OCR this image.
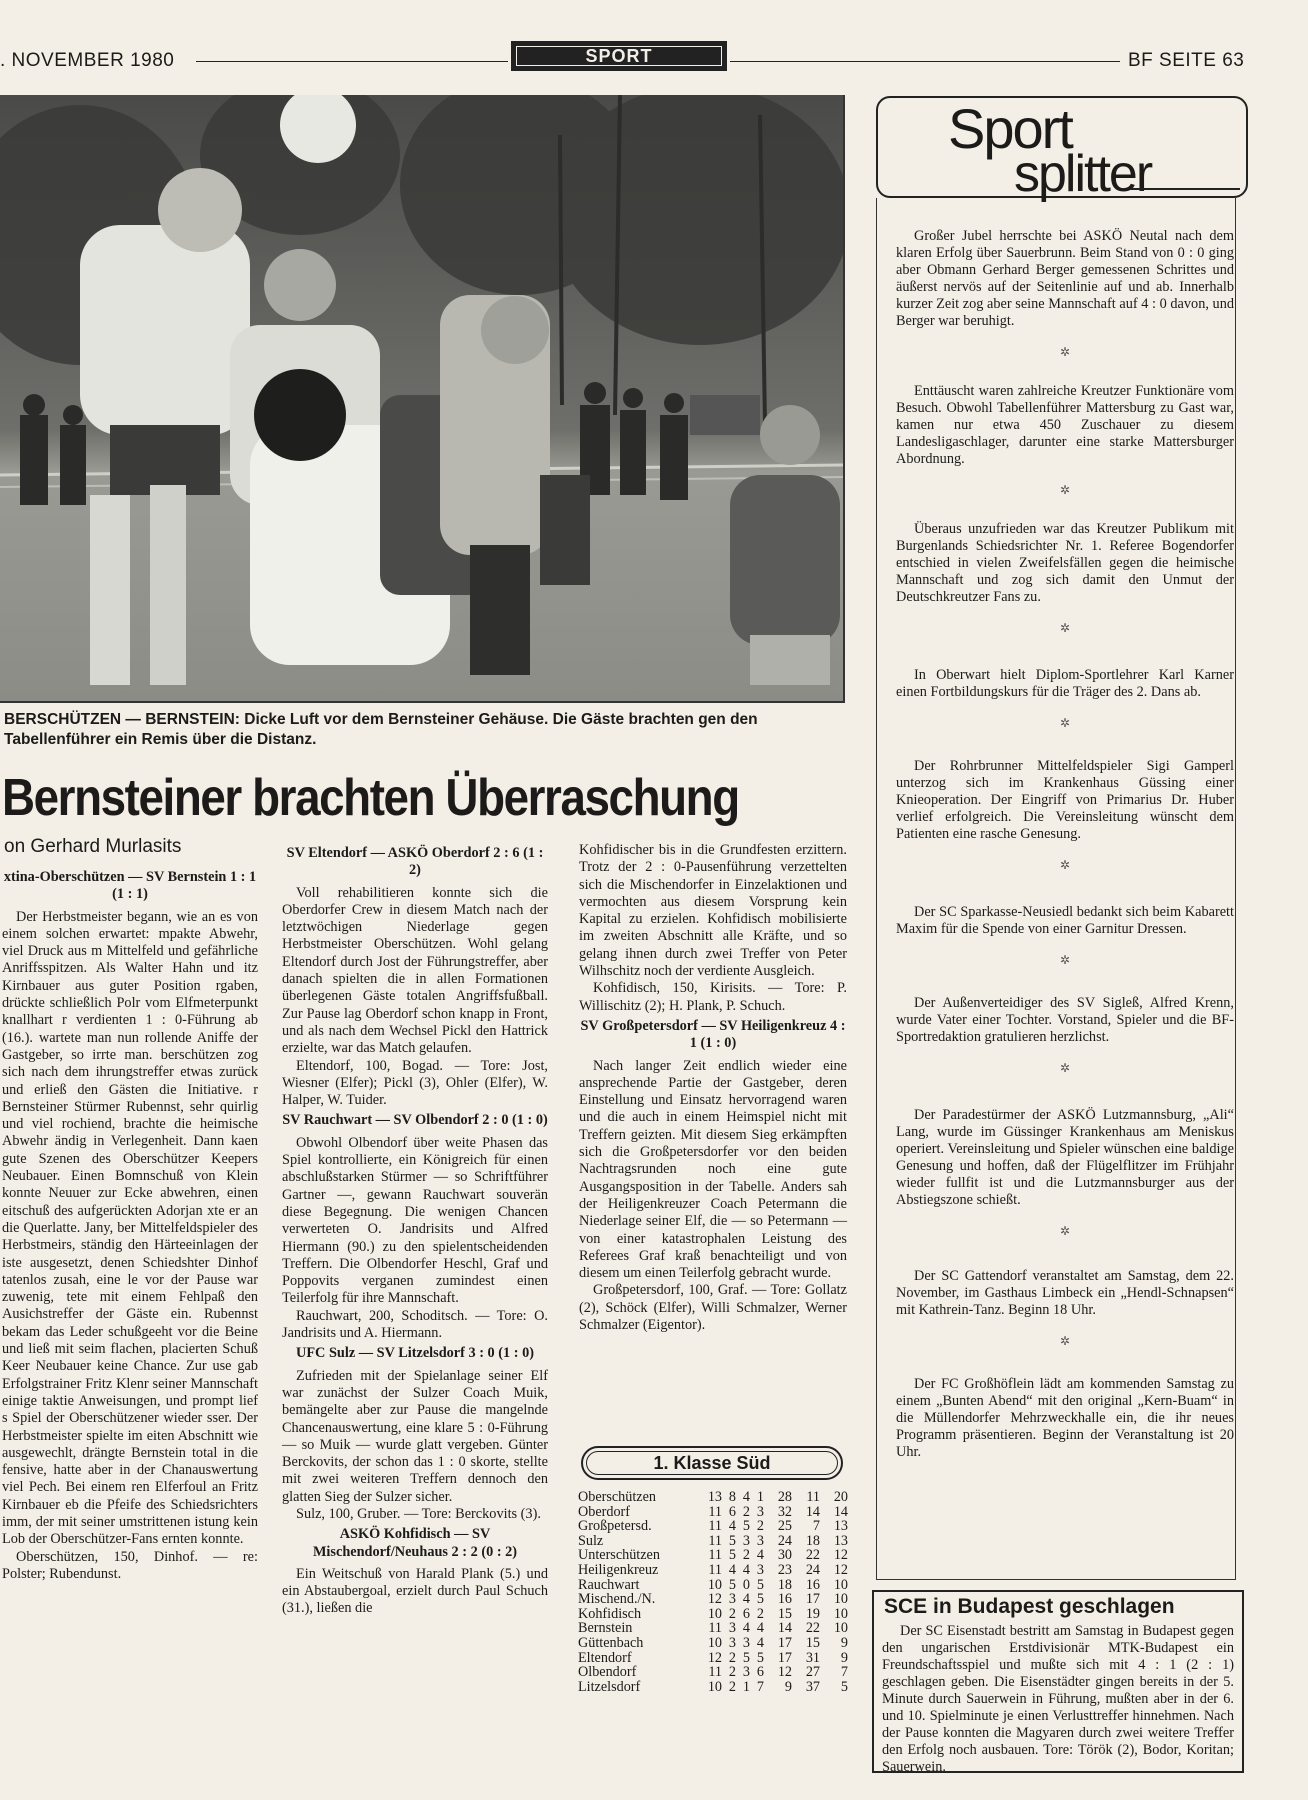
. NOVEMBER 1980	SPORT	BF SEITE 63
BERSCHÜTZEN — BERNSTEIN: Dicke Luft vor dem Bernsteiner Gehäuse. Die Gäste brachten gen den Tabellenführer ein Remis über die Distanz.
Bernsteiner brachten Überraschung
on Gerhard Murlasits
xtina-Oberschützen — SV Bernstein 1 : 1 (1 : 1)

Der Herbstmeister begann, wie an es von einem solchen erwartet: mpakte Abwehr, viel Druck aus m Mittelfeld und gefährliche Anriffsspitzen. Als Walter Hahn und itz Kirnbauer aus guter Position rgaben, drückte schließlich Polr vom Elfmeterpunkt knallhart r verdienten 1 : 0-Führung ab (16.). wartete man nun rollende Aniffe der Gastgeber, so irrte man. berschützen zog sich nach dem ihrungstreffer etwas zurück und erließ den Gästen die Initiative. r Bernsteiner Stürmer Rubennst, sehr quirlig und viel rochiend, brachte die heimische Abwehr ändig in Verlegenheit. Dann kaen gute Szenen des Oberschützer Keepers Neubauer. Einen Bomnschuß von Klein konnte Neuuer zur Ecke abwehren, einen eitschuß des aufgerückten Adorjan xte er an die Querlatte. Jany, ber Mittelfeldspieler des Herbstmeirs, ständig den Härteeinlagen der iste ausgesetzt, denen Schiedshter Dinhof tatenlos zusah, eine le vor der Pause war zuwenig, tete mit einem Fehlpaß den Ausichstreffer der Gäste ein. Rubennst bekam das Leder schußgeeht vor die Beine und ließ mit seim flachen, placierten Schuß Keer Neubauer keine Chance. Zur use gab Erfolgstrainer Fritz Klenr seiner Mannschaft einige taktie Anweisungen, und prompt lief s Spiel der Oberschützener wieder sser. Der Herbstmeister spielte im eiten Abschnitt wie ausgewechlt, drängte Bernstein total in die fensive, hatte aber in der Chanauswertung viel Pech. Bei einem ren Elferfoul an Fritz Kirnbauer eb die Pfeife des Schiedsrichters imm, der mit seiner umstrittenen istung kein Lob der Oberschützer-Fans ernten konnte.

Oberschützen, 150, Dinhof. — re: Polster; Rubendunst.

SV Eltendorf — ASKÖ Oberdorf 2 : 6 (1 : 2)

Voll rehabilitieren konnte sich die Oberdorfer Crew in diesem Match nach der letztwöchigen Niederlage gegen Herbstmeister Oberschützen. Wohl gelang Eltendorf durch Jost der Führungstreffer, aber danach spielten die in allen Formationen überlegenen Gäste totalen Angriffsfußball. Zur Pause lag Oberdorf schon knapp in Front, und als nach dem Wechsel Pickl den Hattrick erzielte, war das Match gelaufen.

Eltendorf, 100, Bogad. — Tore: Jost, Wiesner (Elfer); Pickl (3), Ohler (Elfer), W. Halper, W. Tuider.

SV Rauchwart — SV Olbendorf 2 : 0 (1 : 0)

Obwohl Olbendorf über weite Phasen das Spiel kontrollierte, ein Königreich für einen abschlußstarken Stürmer — so Schriftführer Gartner —, gewann Rauchwart souverän diese Begegnung. Die wenigen Chancen verwerteten O. Jandrisits und Alfred Hiermann (90.) zu den spielentscheidenden Treffern. Die Olbendorfer Heschl, Graf und Poppovits verganen zumindest einen Teilerfolg für ihre Mannschaft.

Rauchwart, 200, Schoditsch. — Tore: O. Jandrisits und A. Hiermann.

UFC Sulz — SV Litzelsdorf 3 : 0 (1 : 0)

Zufrieden mit der Spielanlage seiner Elf war zunächst der Sulzer Coach Muik, bemängelte aber zur Pause die mangelnde Chancenauswertung, eine klare 5 : 0-Führung — so Muik — wurde glatt vergeben. Günter Berckovits, der schon das 1 : 0 skorte, stellte mit zwei weiteren Treffern dennoch den glatten Sieg der Sulzer sicher.

Sulz, 100, Gruber. — Tore: Berckovits (3).

ASKÖ Kohfidisch — SV Mischendorf/Neuhaus 2 : 2 (0 : 2)

Ein Weitschuß von Harald Plank (5.) und ein Abstaubergoal, erzielt durch Paul Schuch (31.), ließen die

Kohfidischer bis in die Grundfesten erzittern. Trotz der 2 : 0-Pausenführung verzettelten sich die Mischendorfer in Einzelaktionen und vermochten aus diesem Vorsprung kein Kapital zu erzielen. Kohfidisch mobilisierte im zweiten Abschnitt alle Kräfte, und so gelang ihnen durch zwei Treffer von Peter Wilhschitz noch der verdiente Ausgleich.

Kohfidisch, 150, Kirisits. — Tore: P. Willischitz (2); H. Plank, P. Schuch.

SV Großpetersdorf — SV Heiligenkreuz 4 : 1 (1 : 0)

Nach langer Zeit endlich wieder eine ansprechende Partie der Gastgeber, deren Einstellung und Einsatz hervorragend waren und die auch in einem Heimspiel nicht mit Treffern geizten. Mit diesem Sieg erkämpften sich die Großpetersdorfer vor den beiden Nachtragsrunden noch eine gute Ausgangsposition in der Tabelle. Anders sah der Heiligenkreuzer Coach Petermann die Niederlage seiner Elf, die — so Petermann — von einer katastrophalen Leistung des Referees Graf kraß benachteiligt und von diesem um einen Teilerfolg gebracht wurde.

Großpetersdorf, 100, Graf. — Tore: Gollatz (2), Schöck (Elfer), Willi Schmalzer, Werner Schmalzer (Eigentor).

1. Klasse Süd
Oberschützen	13	8	4	1	28	11	20
Oberdorf	11	6	2	3	32	14	14
Großpetersd.	11	4	5	2	25	7	13
Sulz	11	5	3	3	24	18	13
Unterschützen	11	5	2	4	30	22	12
Heiligenkreuz	11	4	4	3	23	24	12
Rauchwart	10	5	0	5	18	16	10
Mischend./N.	12	3	4	5	16	17	10
Kohfidisch	10	2	6	2	15	19	10
Bernstein	11	3	4	4	14	22	10
Güttenbach	10	3	3	4	17	15	9
Eltendorf	12	2	5	5	17	31	9
Olbendorf	11	2	3	6	12	27	7
Litzelsdorf	10	2	1	7	9	37	5
Sport
splitter

Großer Jubel herrschte bei ASKÖ Neutal nach dem klaren Erfolg über Sauerbrunn. Beim Stand von 0 : 0 ging aber Obmann Gerhard Berger gemessenen Schrittes und äußerst nervös auf der Seitenlinie auf und ab. Innerhalb kurzer Zeit zog aber seine Mannschaft auf 4 : 0 davon, und Berger war beruhigt.

✲

Enttäuscht waren zahlreiche Kreutzer Funktionäre vom Besuch. Obwohl Tabellenführer Mattersburg zu Gast war, kamen nur etwa 450 Zuschauer zu diesem Landesligaschlager, darunter eine starke Mattersburger Abordnung.

✲

Überaus unzufrieden war das Kreutzer Publikum mit Burgenlands Schiedsrichter Nr. 1. Referee Bogendorfer entschied in vielen Zweifelsfällen gegen die heimische Mannschaft und zog sich damit den Unmut der Deutschkreutzer Fans zu.

✲

In Oberwart hielt Diplom-Sportlehrer Karl Karner einen Fortbildungskurs für die Träger des 2. Dans ab.

✲

Der Rohrbrunner Mittelfeldspieler Sigi Gamperl unterzog sich im Krankenhaus Güssing einer Knieoperation. Der Eingriff von Primarius Dr. Huber verlief erfolgreich. Die Vereinsleitung wünscht dem Patienten eine rasche Genesung.

✲

Der SC Sparkasse-Neusiedl bedankt sich beim Kabarett Maxim für die Spende von einer Garnitur Dressen.

✲

Der Außenverteidiger des SV Sigleß, Alfred Krenn, wurde Vater einer Tochter. Vorstand, Spieler und die BF-Sportredaktion gratulieren herzlichst.

✲

Der Paradestürmer der ASKÖ Lutzmannsburg, „Ali“ Lang, wurde im Güssinger Krankenhaus am Meniskus operiert. Vereinsleitung und Spieler wünschen eine baldige Genesung und hoffen, daß der Flügelflitzer im Frühjahr wieder fullfit ist und die Lutzmannsburger aus der Abstiegszone schießt.

✲

Der SC Gattendorf veranstaltet am Samstag, dem 22. November, im Gasthaus Limbeck ein „Hendl-Schnapsen“ mit Kathrein-Tanz. Beginn 18 Uhr.

✲

Der FC Großhöflein lädt am kommenden Samstag zu einem „Bunten Abend“ mit den original „Kern-Buam“ in die Müllendorfer Mehrzweckhalle ein, die ihr neues Programm präsentieren. Beginn der Veranstaltung ist 20 Uhr.

SCE in Budapest geschlagen

Der SC Eisenstadt bestritt am Samstag in Budapest gegen den ungarischen Erstdivisionär MTK-Budapest ein Freundschaftsspiel und mußte sich mit 4 : 1 (2 : 1) geschlagen geben. Die Eisenstädter gingen bereits in der 5. Minute durch Sauerwein in Führung, mußten aber in der 6. und 10. Spielminute je einen Verlusttreffer hinnehmen. Nach der Pause konnten die Magyaren durch zwei weitere Treffer den Erfolg noch ausbauen. Tore: Török (2), Bodor, Koritan; Sauerwein.
